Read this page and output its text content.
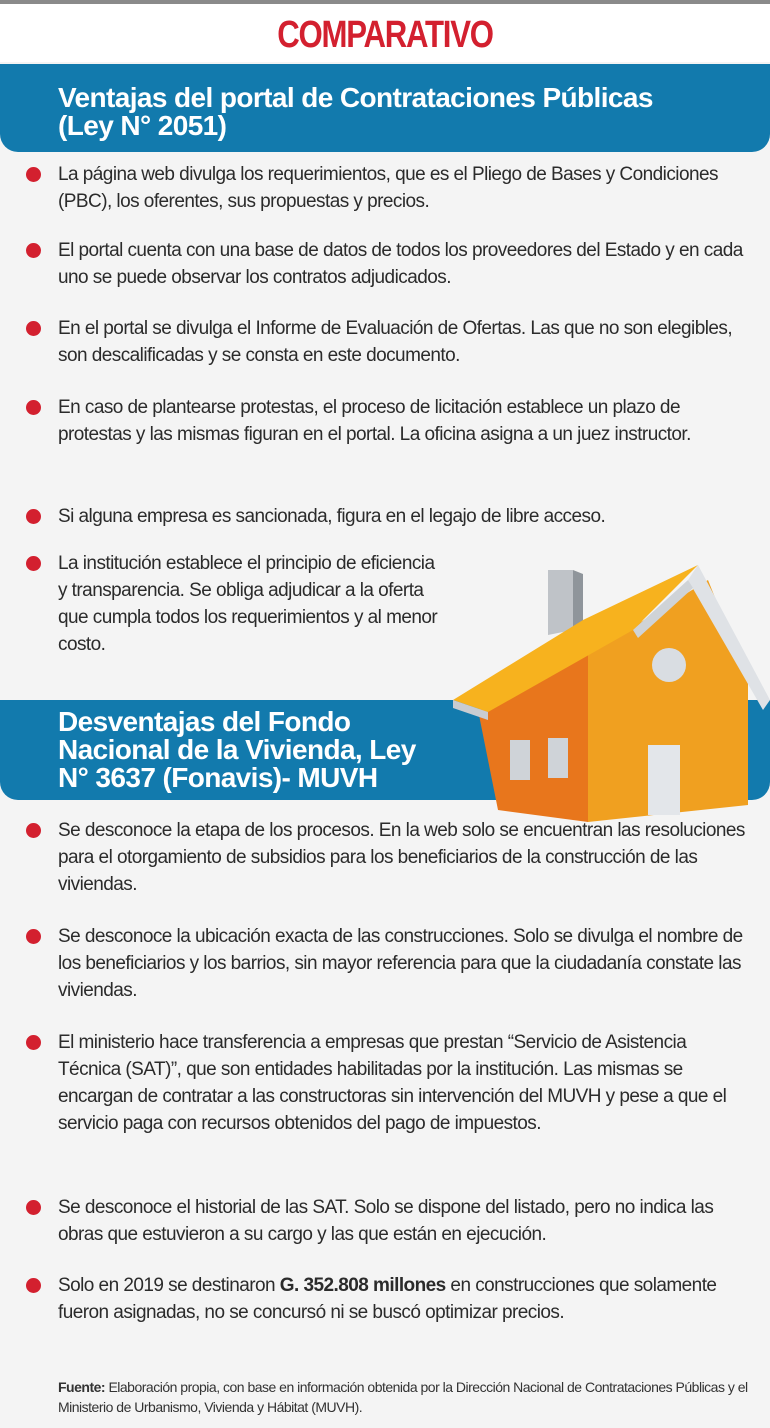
COMPARATIVO
Ventajas del portal de Contrataciones Públicas
(Ley N° 2051)
La página web divulga los requerimientos, que es el Pliego de Bases y Condiciones (PBC), los oferentes, sus propuestas y precios.
El portal cuenta con una base de datos de todos los proveedores del Estado y en cada uno se puede observar los contratos adjudicados.
En el portal se divulga el Informe de Evaluación de Ofertas. Las que no son elegibles, son descalificadas y se consta en este documento.
En caso de plantearse protestas, el proceso de licitación establece un plazo de protestas y las mismas figuran en el portal. La oficina asigna a un juez instructor.
Si alguna empresa es sancionada, figura en el legajo de libre acceso.
La institución establece el principio de eficiencia y transparencia. Se obliga adjudicar a la oferta que cumpla todos los requerimientos y al menor costo.
Desventajas del Fondo
Nacional de la Vivienda, Ley
N° 3637 (Fonavis)- MUVH
Se desconoce la etapa de los procesos. En la web solo se encuentran las resoluciones para el otorgamiento de subsidios para los beneficiarios de la construcción de las viviendas.
Se desconoce la ubicación exacta de las construcciones. Solo se divulga el nombre de los beneficiarios y los barrios, sin mayor referencia para que la ciudadanía constate las viviendas.
El ministerio hace transferencia a empresas que prestan “Servicio de Asistencia Técnica (SAT)”, que son entidades habilitadas por la institución. Las mismas se encargan de contratar a las constructoras sin intervención del MUVH y pese a que el servicio paga con recursos obtenidos del pago de impuestos.
Se desconoce el historial de las SAT. Solo se dispone del listado, pero no indica las obras que estuvieron a su cargo y las que están en ejecución.
Solo en 2019 se destinaron G. 352.808 millones en construcciones que solamente fueron asignadas, no se concursó ni se buscó optimizar precios.
Fuente: Elaboración propia, con base en información obtenida por la Dirección Nacional de Contrataciones Públicas y el Ministerio de Urbanismo, Vivienda y Hábitat (MUVH).
